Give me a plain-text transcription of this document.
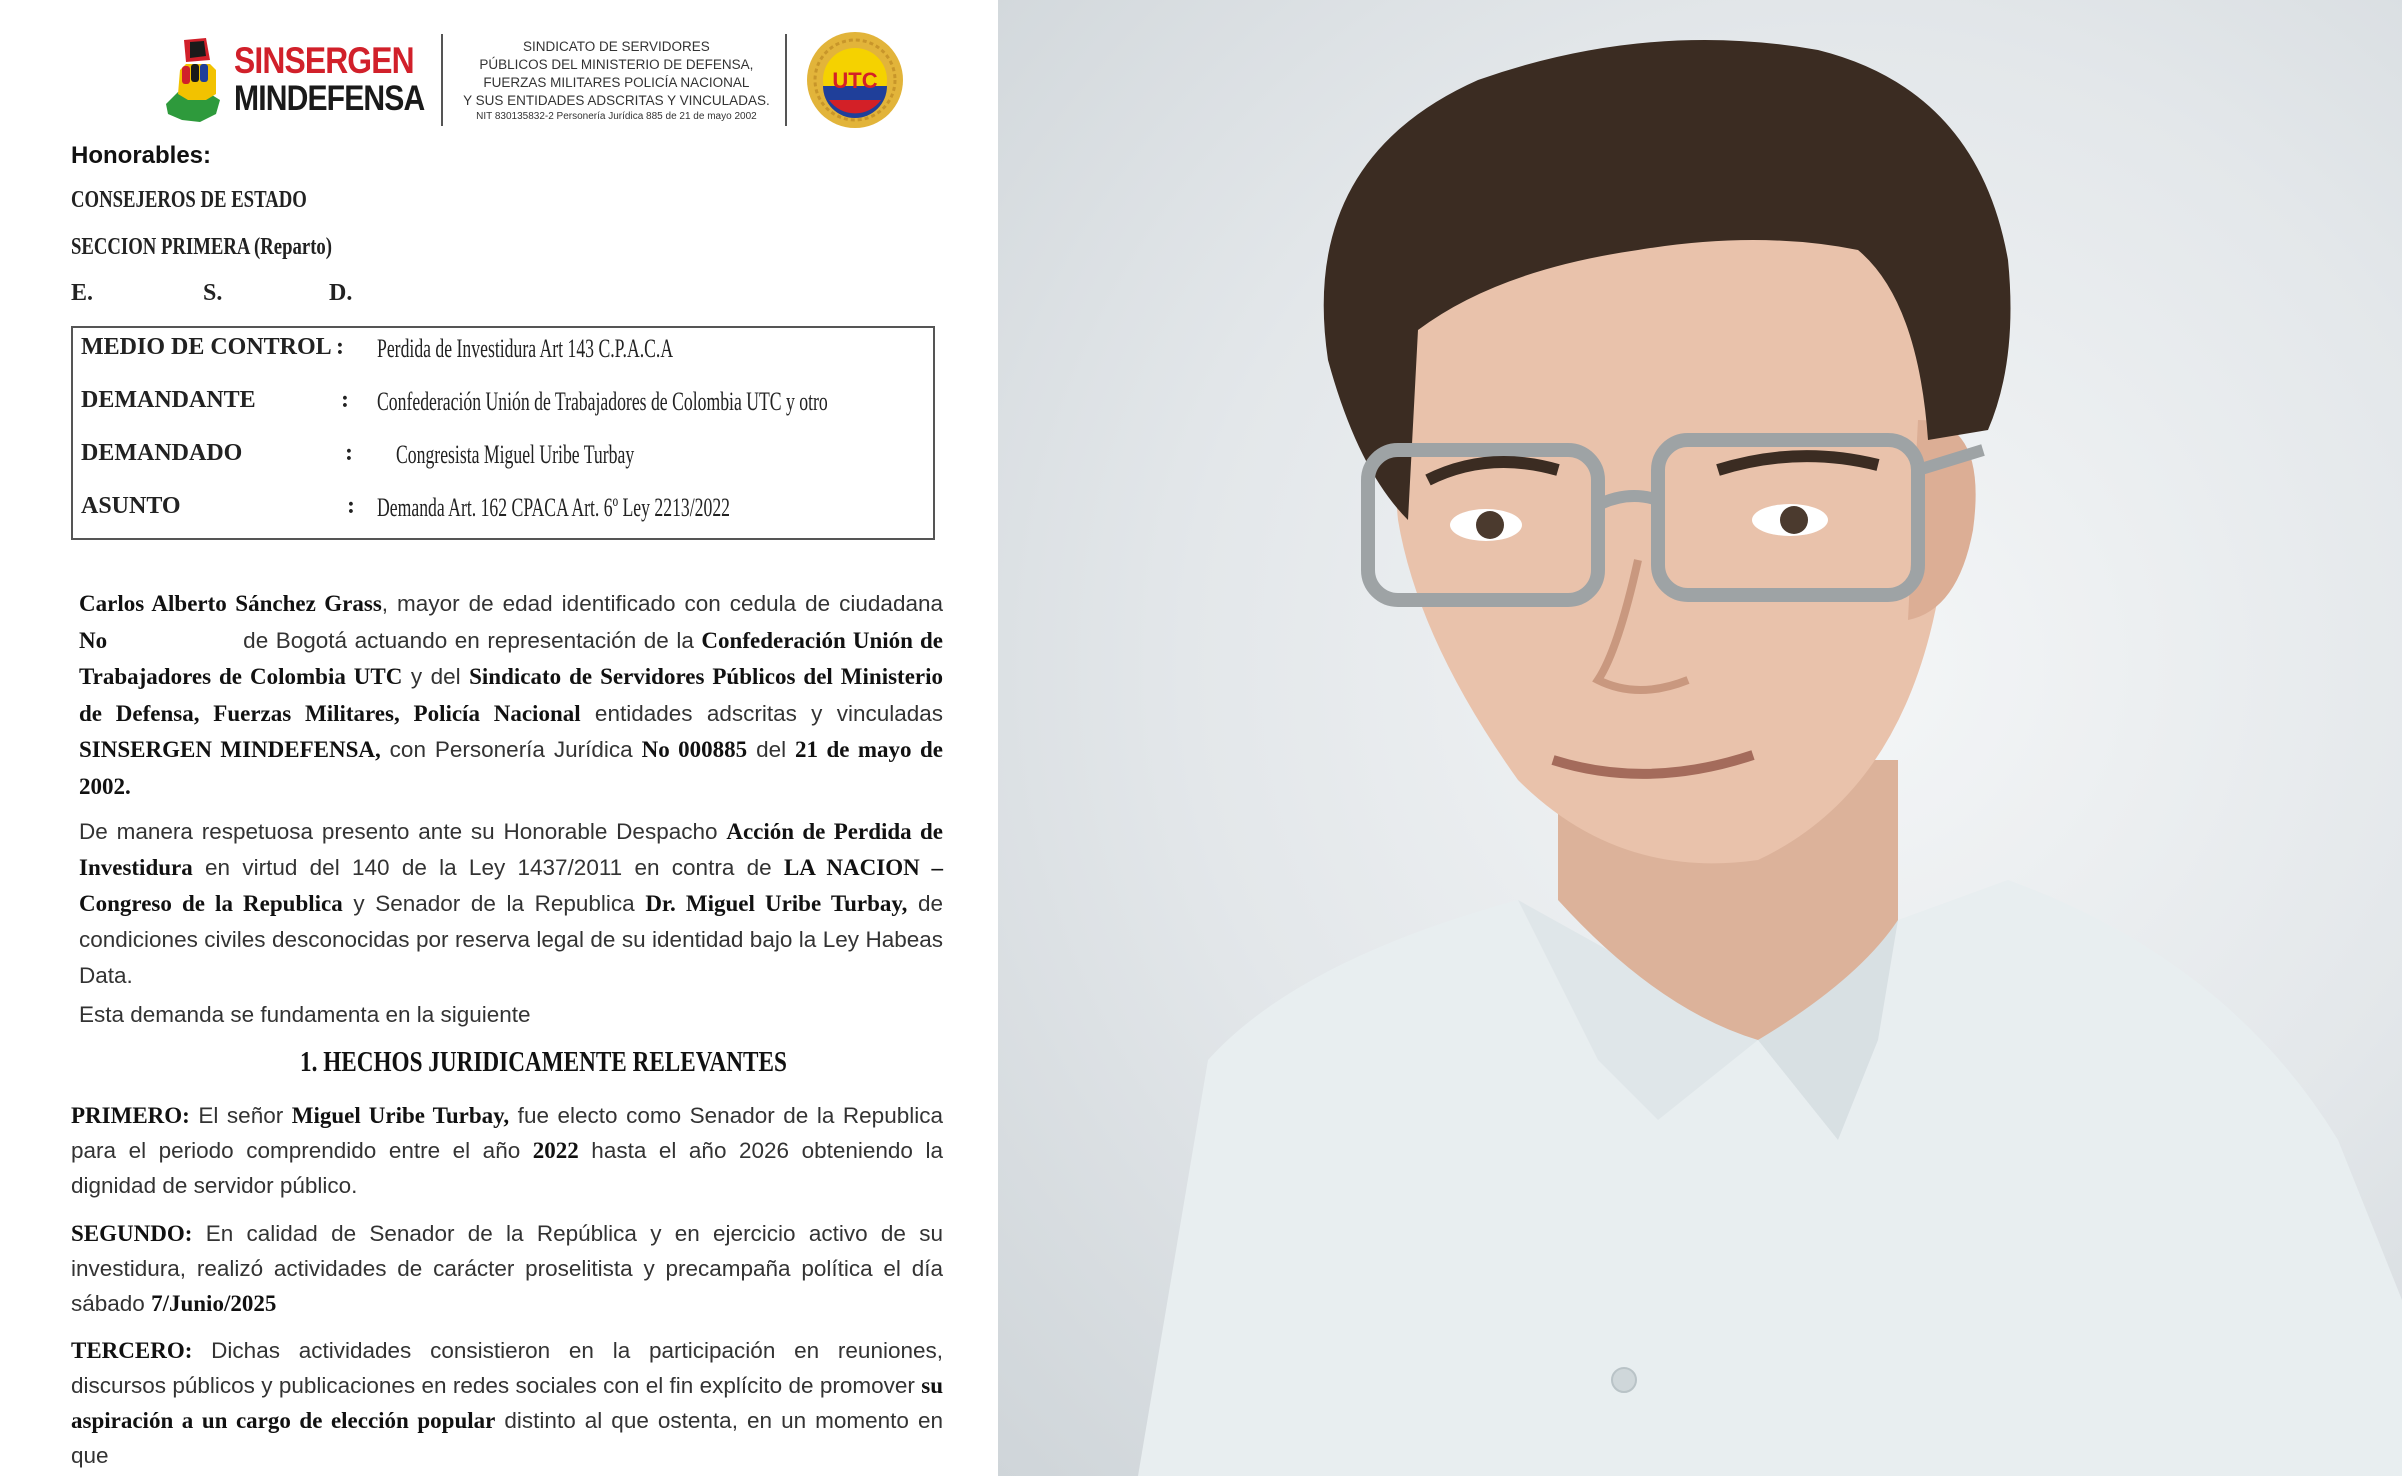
SINSERGEN
MINDEFENSA
SINDICATO DE SERVIDORES
PÚBLICOS DEL MINISTERIO DE DEFENSA,
FUERZAS MILITARES POLICÍA NACIONAL
Y SUS ENTIDADES ADSCRITAS Y VINCULADAS.
NIT 830135832-2 Personería Jurídica 885 de 21 de mayo 2002
UTC
Honorables:
CONSEJEROS DE ESTADO
SECCION PRIMERA (Reparto)
E.	S.	D.
MEDIO DE CONTROL : Perdida de Investidura Art 143 C.P.A.C.A
DEMANDANTE	: Confederación Unión de Trabajadores de Colombia UTC y otro
DEMANDADO	: Congresista Miguel Uribe Turbay
ASUNTO	: Demanda Art. 162 CPACA Art. 6º Ley 2213/2022
Carlos Alberto Sánchez Grass, mayor de edad identificado con cedula de ciudadana No                  de Bogotá actuando en representación de la Confederación Unión de Trabajadores de Colombia UTC y del Sindicato de Servidores Públicos del Ministerio de Defensa, Fuerzas Militares, Policía Nacional entidades adscritas y vinculadas SINSERGEN MINDEFENSA, con Personería Jurídica No 000885 del 21 de mayo de 2002.
De manera respetuosa presento ante su Honorable Despacho Acción de Perdida de Investidura en virtud del 140 de la Ley 1437/2011 en contra de LA NACION – Congreso de la Republica y Senador de la Republica Dr. Miguel Uribe Turbay, de condiciones civiles desconocidas por reserva legal de su identidad bajo la Ley Habeas Data.
Esta demanda se fundamenta en la siguiente
1. HECHOS JURIDICAMENTE RELEVANTES
PRIMERO: El señor Miguel Uribe Turbay, fue electo como Senador de la Republica para el periodo comprendido entre el año 2022 hasta el año 2026 obteniendo la dignidad de servidor público.
SEGUNDO: En calidad de Senador de la República y en ejercicio activo de su investidura, realizó actividades de carácter proselitista y precampaña política el día sábado 7/Junio/2025
TERCERO: Dichas actividades consistieron en la participación en reuniones, discursos públicos y publicaciones en redes sociales con el fin explícito de promover su aspiración a un cargo de elección popular distinto al que ostenta, en un momento en que
